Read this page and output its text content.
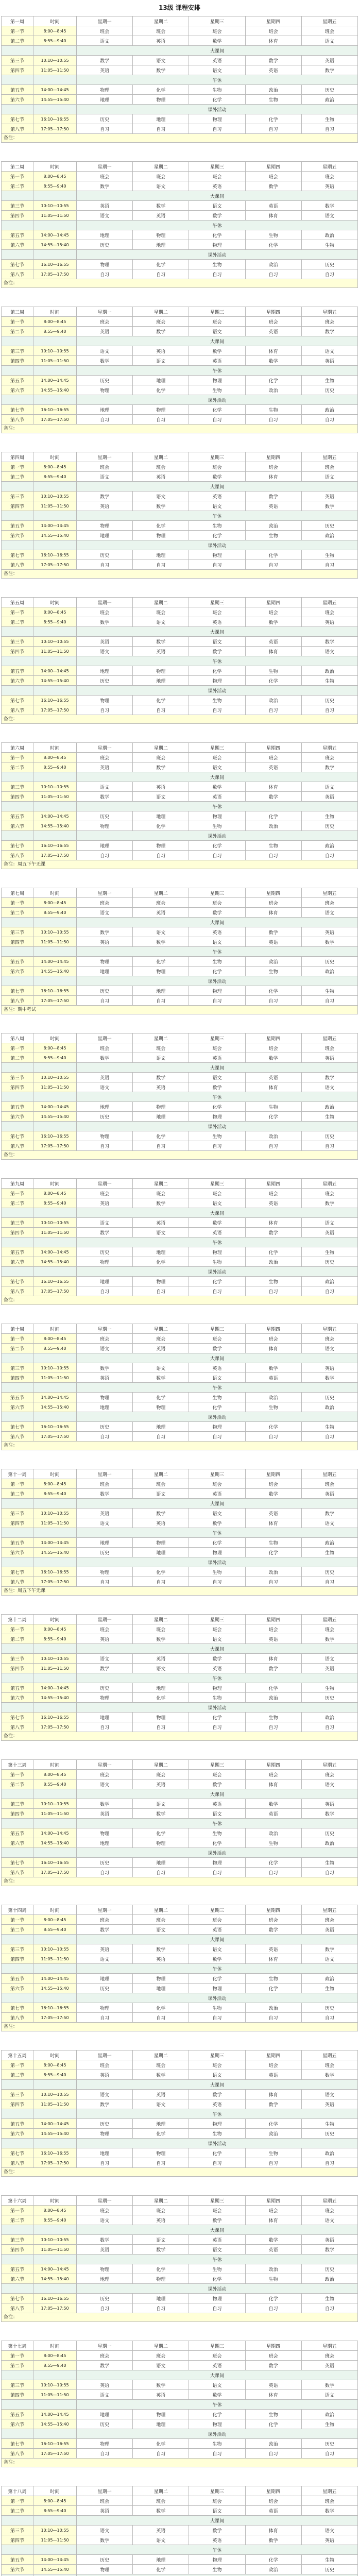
13级 课程安排
第一周	时间	星期一	星期二	星期三	星期四	星期五
第一节	8:00—8:45	班会	班会	班会	班会	班会
第二节	8:55—9:40	语文	英语	数学	体育	语文
		大课间				
第三节	10:10—10:55	数学	语文	英语	数学	英语
第四节	11:05—11:50	英语	数学	语文	英语	数学
		午休				
第五节	14:00—14:45	物理	化学	生物	政治	历史
第六节	14:55—15:40	地理	物理	化学	生物	政治
		课外活动				
第七节	16:10—16:55	历史	地理	物理	化学	生物
第八节	17:05—17:50	自习	自习	自习	自习	自习
备注：
第二周	时间	星期一	星期二	星期三	星期四	星期五
第一节	8:00—8:45	班会	班会	班会	班会	班会
第二节	8:55—9:40	数学	语文	英语	数学	英语
		大课间				
第三节	10:10—10:55	英语	数学	语文	英语	数学
第四节	11:05—11:50	语文	英语	数学	体育	语文
		午休				
第五节	14:00—14:45	地理	物理	化学	生物	政治
第六节	14:55—15:40	历史	地理	物理	化学	生物
		课外活动				
第七节	16:10—16:55	物理	化学	生物	政治	历史
第八节	17:05—17:50	自习	自习	自习	自习	自习
备注：
第三周	时间	星期一	星期二	星期三	星期四	星期五
第一节	8:00—8:45	班会	班会	班会	班会	班会
第二节	8:55—9:40	英语	数学	语文	英语	数学
		大课间				
第三节	10:10—10:55	语文	英语	数学	体育	语文
第四节	11:05—11:50	数学	语文	英语	数学	英语
		午休				
第五节	14:00—14:45	历史	地理	物理	化学	生物
第六节	14:55—15:40	物理	化学	生物	政治	历史
		课外活动				
第七节	16:10—16:55	地理	物理	化学	生物	政治
第八节	17:05—17:50	自习	自习	自习	自习	自习
备注：
第四周	时间	星期一	星期二	星期三	星期四	星期五
第一节	8:00—8:45	班会	班会	班会	班会	班会
第二节	8:55—9:40	语文	英语	数学	体育	语文
		大课间				
第三节	10:10—10:55	数学	语文	英语	数学	英语
第四节	11:05—11:50	英语	数学	语文	英语	数学
		午休				
第五节	14:00—14:45	物理	化学	生物	政治	历史
第六节	14:55—15:40	地理	物理	化学	生物	政治
		课外活动				
第七节	16:10—16:55	历史	地理	物理	化学	生物
第八节	17:05—17:50	自习	自习	自习	自习	自习
备注：
第五周	时间	星期一	星期二	星期三	星期四	星期五
第一节	8:00—8:45	班会	班会	班会	班会	班会
第二节	8:55—9:40	数学	语文	英语	数学	英语
		大课间				
第三节	10:10—10:55	英语	数学	语文	英语	数学
第四节	11:05—11:50	语文	英语	数学	体育	语文
		午休				
第五节	14:00—14:45	地理	物理	化学	生物	政治
第六节	14:55—15:40	历史	地理	物理	化学	生物
		课外活动				
第七节	16:10—16:55	物理	化学	生物	政治	历史
第八节	17:05—17:50	自习	自习	自习	自习	自习
备注：
第六周	时间	星期一	星期二	星期三	星期四	星期五
第一节	8:00—8:45	班会	班会	班会	班会	班会
第二节	8:55—9:40	英语	数学	语文	英语	数学
		大课间				
第三节	10:10—10:55	语文	英语	数学	体育	语文
第四节	11:05—11:50	数学	语文	英语	数学	英语
		午休				
第五节	14:00—14:45	历史	地理	物理	化学	生物
第六节	14:55—15:40	物理	化学	生物	政治	历史
		课外活动				
第七节	16:10—16:55	地理	物理	化学	生物	政治
第八节	17:05—17:50	自习	自习	自习	自习	自习
备注：周五下午无课
第七周	时间	星期一	星期二	星期三	星期四	星期五
第一节	8:00—8:45	班会	班会	班会	班会	班会
第二节	8:55—9:40	语文	英语	数学	体育	语文
		大课间				
第三节	10:10—10:55	数学	语文	英语	数学	英语
第四节	11:05—11:50	英语	数学	语文	英语	数学
		午休				
第五节	14:00—14:45	物理	化学	生物	政治	历史
第六节	14:55—15:40	地理	物理	化学	生物	政治
		课外活动				
第七节	16:10—16:55	历史	地理	物理	化学	生物
第八节	17:05—17:50	自习	自习	自习	自习	自习
备注：期中考试
第八周	时间	星期一	星期二	星期三	星期四	星期五
第一节	8:00—8:45	班会	班会	班会	班会	班会
第二节	8:55—9:40	数学	语文	英语	数学	英语
		大课间				
第三节	10:10—10:55	英语	数学	语文	英语	数学
第四节	11:05—11:50	语文	英语	数学	体育	语文
		午休				
第五节	14:00—14:45	地理	物理	化学	生物	政治
第六节	14:55—15:40	历史	地理	物理	化学	生物
		课外活动				
第七节	16:10—16:55	物理	化学	生物	政治	历史
第八节	17:05—17:50	自习	自习	自习	自习	自习
备注：
第九周	时间	星期一	星期二	星期三	星期四	星期五
第一节	8:00—8:45	班会	班会	班会	班会	班会
第二节	8:55—9:40	英语	数学	语文	英语	数学
		大课间				
第三节	10:10—10:55	语文	英语	数学	体育	语文
第四节	11:05—11:50	数学	语文	英语	数学	英语
		午休				
第五节	14:00—14:45	历史	地理	物理	化学	生物
第六节	14:55—15:40	物理	化学	生物	政治	历史
		课外活动				
第七节	16:10—16:55	地理	物理	化学	生物	政治
第八节	17:05—17:50	自习	自习	自习	自习	自习
备注：
第十周	时间	星期一	星期二	星期三	星期四	星期五
第一节	8:00—8:45	班会	班会	班会	班会	班会
第二节	8:55—9:40	语文	英语	数学	体育	语文
		大课间				
第三节	10:10—10:55	数学	语文	英语	数学	英语
第四节	11:05—11:50	英语	数学	语文	英语	数学
		午休				
第五节	14:00—14:45	物理	化学	生物	政治	历史
第六节	14:55—15:40	地理	物理	化学	生物	政治
		课外活动				
第七节	16:10—16:55	历史	地理	物理	化学	生物
第八节	17:05—17:50	自习	自习	自习	自习	自习
备注：
第十一周	时间	星期一	星期二	星期三	星期四	星期五
第一节	8:00—8:45	班会	班会	班会	班会	班会
第二节	8:55—9:40	数学	语文	英语	数学	英语
		大课间				
第三节	10:10—10:55	英语	数学	语文	英语	数学
第四节	11:05—11:50	语文	英语	数学	体育	语文
		午休				
第五节	14:00—14:45	地理	物理	化学	生物	政治
第六节	14:55—15:40	历史	地理	物理	化学	生物
		课外活动				
第七节	16:10—16:55	物理	化学	生物	政治	历史
第八节	17:05—17:50	自习	自习	自习	自习	自习
备注：周五下午无课
第十二周	时间	星期一	星期二	星期三	星期四	星期五
第一节	8:00—8:45	班会	班会	班会	班会	班会
第二节	8:55—9:40	英语	数学	语文	英语	数学
		大课间				
第三节	10:10—10:55	语文	英语	数学	体育	语文
第四节	11:05—11:50	数学	语文	英语	数学	英语
		午休				
第五节	14:00—14:45	历史	地理	物理	化学	生物
第六节	14:55—15:40	物理	化学	生物	政治	历史
		课外活动				
第七节	16:10—16:55	地理	物理	化学	生物	政治
第八节	17:05—17:50	自习	自习	自习	自习	自习
备注：
第十三周	时间	星期一	星期二	星期三	星期四	星期五
第一节	8:00—8:45	班会	班会	班会	班会	班会
第二节	8:55—9:40	语文	英语	数学	体育	语文
		大课间				
第三节	10:10—10:55	数学	语文	英语	数学	英语
第四节	11:05—11:50	英语	数学	语文	英语	数学
		午休				
第五节	14:00—14:45	物理	化学	生物	政治	历史
第六节	14:55—15:40	地理	物理	化学	生物	政治
		课外活动				
第七节	16:10—16:55	历史	地理	物理	化学	生物
第八节	17:05—17:50	自习	自习	自习	自习	自习
备注：
第十四周	时间	星期一	星期二	星期三	星期四	星期五
第一节	8:00—8:45	班会	班会	班会	班会	班会
第二节	8:55—9:40	数学	语文	英语	数学	英语
		大课间				
第三节	10:10—10:55	英语	数学	语文	英语	数学
第四节	11:05—11:50	语文	英语	数学	体育	语文
		午休				
第五节	14:00—14:45	地理	物理	化学	生物	政治
第六节	14:55—15:40	历史	地理	物理	化学	生物
		课外活动				
第七节	16:10—16:55	物理	化学	生物	政治	历史
第八节	17:05—17:50	自习	自习	自习	自习	自习
备注：
第十五周	时间	星期一	星期二	星期三	星期四	星期五
第一节	8:00—8:45	班会	班会	班会	班会	班会
第二节	8:55—9:40	英语	数学	语文	英语	数学
		大课间				
第三节	10:10—10:55	语文	英语	数学	体育	语文
第四节	11:05—11:50	数学	语文	英语	数学	英语
		午休				
第五节	14:00—14:45	历史	地理	物理	化学	生物
第六节	14:55—15:40	物理	化学	生物	政治	历史
		课外活动				
第七节	16:10—16:55	地理	物理	化学	生物	政治
第八节	17:05—17:50	自习	自习	自习	自习	自习
备注：
第十六周	时间	星期一	星期二	星期三	星期四	星期五
第一节	8:00—8:45	班会	班会	班会	班会	班会
第二节	8:55—9:40	语文	英语	数学	体育	语文
		大课间				
第三节	10:10—10:55	数学	语文	英语	数学	英语
第四节	11:05—11:50	英语	数学	语文	英语	数学
		午休				
第五节	14:00—14:45	物理	化学	生物	政治	历史
第六节	14:55—15:40	地理	物理	化学	生物	政治
		课外活动				
第七节	16:10—16:55	历史	地理	物理	化学	生物
第八节	17:05—17:50	自习	自习	自习	自习	自习
备注：
第十七周	时间	星期一	星期二	星期三	星期四	星期五
第一节	8:00—8:45	班会	班会	班会	班会	班会
第二节	8:55—9:40	数学	语文	英语	数学	英语
		大课间				
第三节	10:10—10:55	英语	数学	语文	英语	数学
第四节	11:05—11:50	语文	英语	数学	体育	语文
		午休				
第五节	14:00—14:45	地理	物理	化学	生物	政治
第六节	14:55—15:40	历史	地理	物理	化学	生物
		课外活动				
第七节	16:10—16:55	物理	化学	生物	政治	历史
第八节	17:05—17:50	自习	自习	自习	自习	自习
备注：
第十八周	时间	星期一	星期二	星期三	星期四	星期五
第一节	8:00—8:45	班会	班会	班会	班会	班会
第二节	8:55—9:40	英语	数学	语文	英语	数学
		大课间				
第三节	10:10—10:55	语文	英语	数学	体育	语文
第四节	11:05—11:50	数学	语文	英语	数学	英语
		午休				
第五节	14:00—14:45	历史	地理	物理	化学	生物
第六节	14:55—15:40	物理	化学	生物	政治	历史
